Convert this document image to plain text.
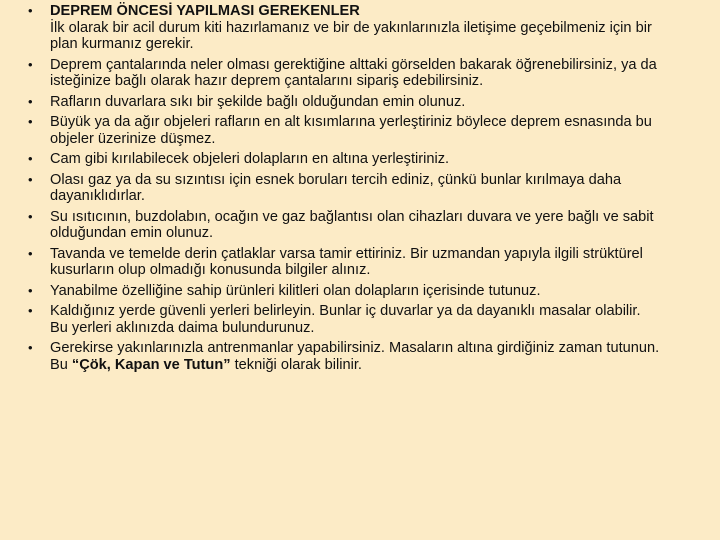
• DEPREM ÖNCESİ YAPILMASI GEREKENLER
İlk olarak bir acil durum kiti hazırlamanız ve bir de yakınlarınızla iletişime geçebilmeniz için bir plan kurmanız gerekir.
• Deprem çantalarında neler olması gerektiğine alttaki görselden bakarak öğrenebilirsiniz, ya da isteğinize bağlı olarak hazır deprem çantalarını sipariş edebilirsiniz.
• Rafların duvarlara sıkı bir şekilde bağlı olduğundan emin olunuz.
• Büyük ya da ağır objeleri rafların en alt kısımlarına yerleştiriniz böylece deprem esnasında bu objeler üzerinize düşmez.
• Cam gibi kırılabilecek objeleri dolapların en altına yerleştiriniz.
• Olası gaz ya da su sızıntısı için esnek boruları tercih ediniz, çünkü bunlar kırılmaya daha dayanıklıdırlar.
• Su ısıtıcının, buzdolabın, ocağın ve gaz bağlantısı olan cihazları duvara ve yere bağlı ve sabit olduğundan emin olunuz.
• Tavanda ve temelde derin çatlaklar varsa tamir ettiriniz. Bir uzmandan yapıyla ilgili strüktürel kusurların olup olmadığı konusunda bilgiler alınız.
• Yanabilme özelliğine sahip ürünleri kilitleri olan dolapların içerisinde tutunuz.
• Kaldığınız yerde güvenli yerleri belirleyin. Bunlar iç duvarlar ya da dayanıklı masalar olabilir. Bu yerleri aklınızda daima bulundurunuz.
• Gerekirse yakınlarınızla antrenmanlar yapabilirsiniz. Masaların altına girdiğiniz zaman tutunun. Bu “Çök, Kapan ve Tutun” tekniği olarak bilinir.
